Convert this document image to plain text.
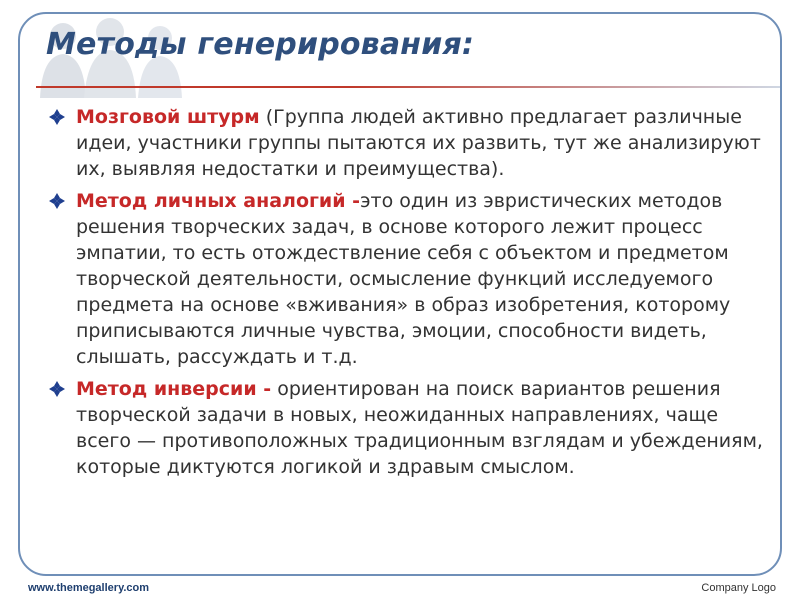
Методы генерирования:

Мозговой штурм (Группа людей активно предлагает различные идеи, участники группы пытаются их развить, тут же анализируют их, выявляя недостатки и преимущества).

Метод личных аналогий -это один из эвристических методов решения творческих задач, в основе которого лежит процесс эмпатии, то есть отождествление себя с объектом и предметом творческой деятельности, осмысление функций исследуемого предмета на основе «вживания» в образ изобретения, которому приписываются личные чувства, эмоции, способности видеть, слышать, рассуждать и т.д.

Метод инверсии - ориентирован на поиск вариантов решения творческой задачи в новых, неожиданных направлениях, чаще всего — противоположных традиционным взглядам и убеждениям, которые диктуются логикой и здравым смыслом.

www.themegallery.com	Company Logo
